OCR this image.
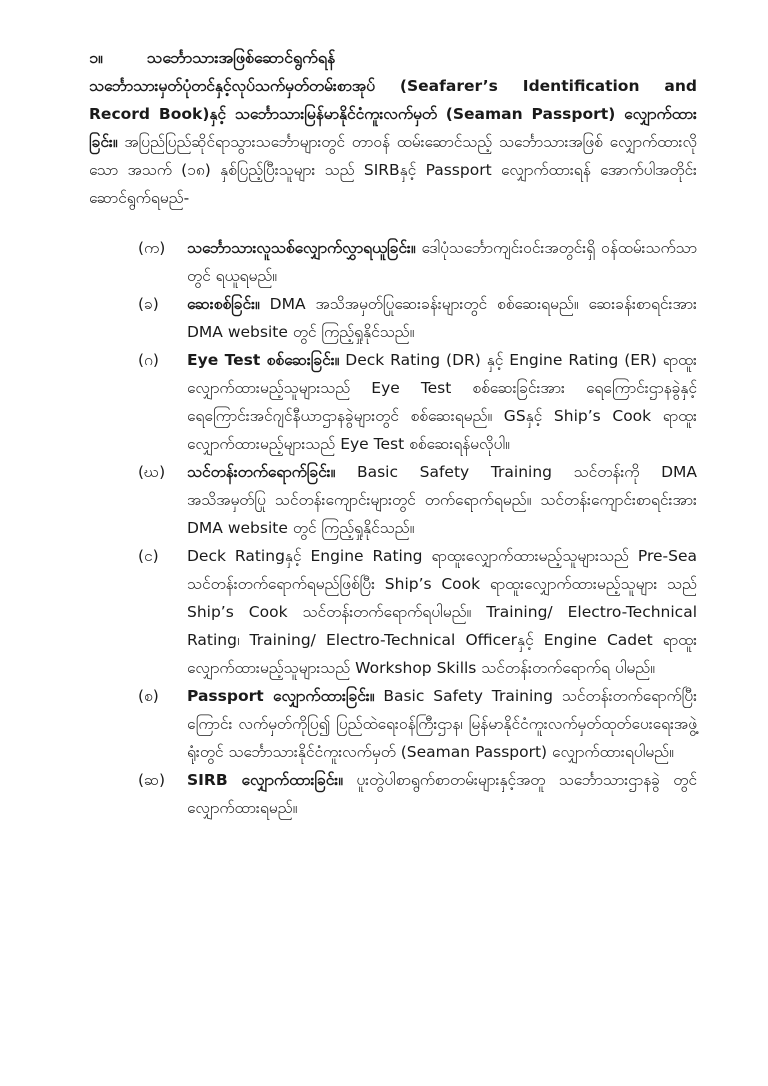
၁။	သင်္ဘောသားအဖြစ်ဆောင်ရွက်ရန်

သင်္ဘောသားမှတ်ပုံတင်နှင့်လုပ်သက်မှတ်တမ်းစာအုပ် (Seafarer’s Identification and Record Book)နှင့် သင်္ဘောသားမြန်မာနိုင်ငံကူးလက်မှတ် (Seaman Passport) လျှောက်ထားခြင်း။ အပြည်ပြည်ဆိုင်ရာသွားသင်္ဘောများတွင် တာဝန် ထမ်းဆောင်သည့် သင်္ဘောသားအဖြစ် လျှောက်ထားလိုသော အသက် (၁၈) နှစ်ပြည့်ပြီးသူများ သည် SIRBနှင့် Passport လျှောက်ထားရန် အောက်ပါအတိုင်း ဆောင်ရွက်ရမည်-

(က)	သင်္ဘောသားလူသစ်လျှောက်လွှာရယူခြင်း။ ဒေါပုံသင်္ဘောကျင်းဝင်းအတွင်းရှိ ဝန်ထမ်းသက်သာတွင် ရယူရမည်။
(ခ)	ဆေးစစ်ခြင်း။ DMA အသိအမှတ်ပြုဆေးခန်းများတွင် စစ်ဆေးရမည်။ ဆေးခန်းစာရင်းအား DMA website တွင် ကြည့်ရှုနိုင်သည်။
(ဂ)	Eye Test စစ်ဆေးခြင်း။ Deck Rating (DR) နှင့် Engine Rating (ER) ရာထူးလျှောက်ထားမည့်သူများသည် Eye Test စစ်ဆေးခြင်းအား ရေကြောင်းဌာနခွဲနှင့် ရေကြောင်းအင်ဂျင်နီယာဌာနခွဲများတွင် စစ်ဆေးရမည်။ GSနှင့် Ship’s Cook ရာထူး လျှောက်ထားမည့်များသည် Eye Test စစ်ဆေးရန်မလိုပါ။
(ဃ)	သင်တန်းတက်ရောက်ခြင်း။ Basic Safety Training သင်တန်းကို DMA အသိအမှတ်ပြု သင်တန်းကျောင်းများတွင် တက်ရောက်ရမည်။ သင်တန်းကျောင်းစာရင်းအား DMA website တွင် ကြည့်ရှုနိုင်သည်။
(င)	Deck Ratingနှင့် Engine Rating ရာထူးလျှောက်ထားမည့်သူများသည် Pre-Sea သင်တန်းတက်ရောက်ရမည်ဖြစ်ပြီး Ship’s Cook ရာထူးလျှောက်ထားမည့်သူများ သည် Ship’s Cook သင်တန်းတက်ရောက်ရပါမည်။ Training/ Electro-Technical Rating၊ Training/ Electro-Technical Officerနှင့် Engine Cadet ရာထူး လျှောက်ထားမည့်သူများသည် Workshop Skills သင်တန်းတက်ရောက်ရ ပါမည်။
(စ)	Passport လျှောက်ထားခြင်း။ Basic Safety Training သင်တန်းတက်ရောက်ပြီးကြောင်း လက်မှတ်ကိုပြ၍ ပြည်ထဲရေးဝန်ကြီးဌာန၊ မြန်မာနိုင်ငံကူးလက်မှတ်ထုတ်ပေးရေးအဖွဲ့ရုံးတွင် သင်္ဘောသားနိုင်ငံကူးလက်မှတ် (Seaman Passport) လျှောက်ထားရပါမည်။
(ဆ)	SIRB လျှောက်ထားခြင်း။ ပူးတွဲပါစာရွက်စာတမ်းများနှင့်အတူ သင်္ဘောသားဌာနခွဲ တွင် လျှောက်ထားရမည်။
